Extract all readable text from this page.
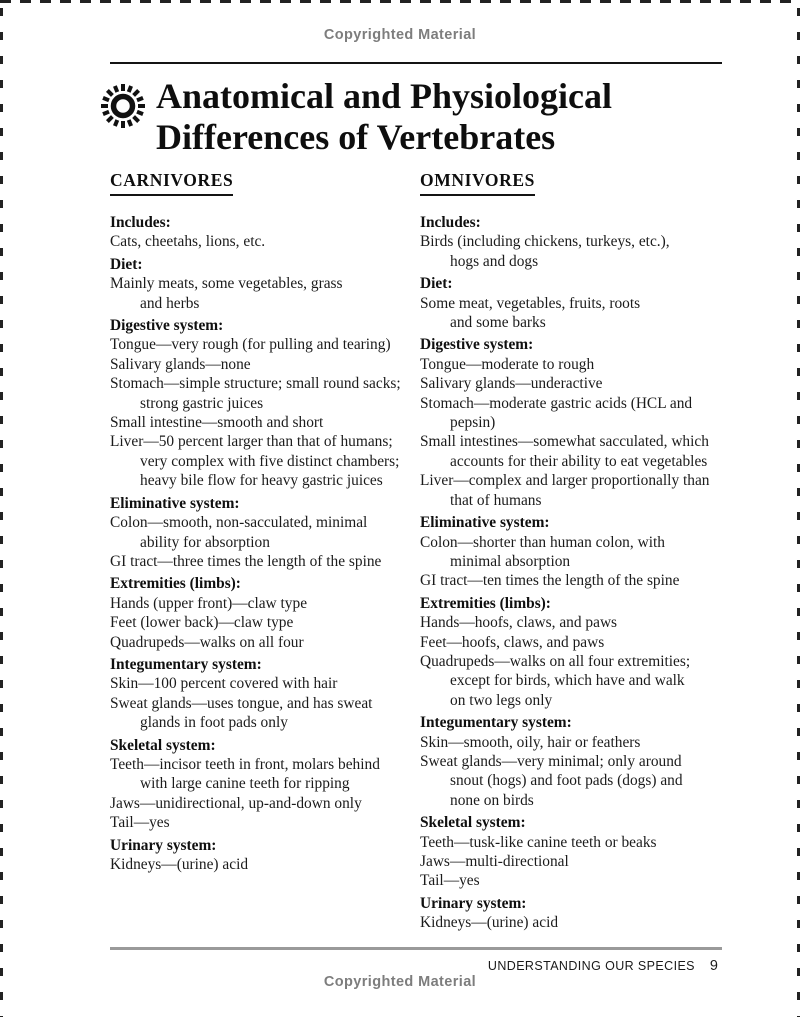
Copyrighted Material
Anatomical and Physiological
Differences of Vertebrates
CARNIVORES
Includes:
Cats, cheetahs, lions, etc.
Diet:
Mainly meats, some vegetables, grass
and herbs
Digestive system:
Tongue—very rough (for pulling and tearing)
Salivary glands—none
Stomach—simple structure; small round sacks;
strong gastric juices
Small intestine—smooth and short
Liver—50 percent larger than that of humans;
very complex with five distinct chambers;
heavy bile flow for heavy gastric juices
Eliminative system:
Colon—smooth, non-sacculated, minimal
ability for absorption
GI tract—three times the length of the spine
Extremities (limbs):
Hands (upper front)—claw type
Feet (lower back)—claw type
Quadrupeds—walks on all four
Integumentary system:
Skin—100 percent covered with hair
Sweat glands—uses tongue, and has sweat
glands in foot pads only
Skeletal system:
Teeth—incisor teeth in front, molars behind
with large canine teeth for ripping
Jaws—unidirectional, up-and-down only
Tail—yes
Urinary system:
Kidneys—(urine) acid
OMNIVORES
Includes:
Birds (including chickens, turkeys, etc.),
hogs and dogs
Diet:
Some meat, vegetables, fruits, roots
and some barks
Digestive system:
Tongue—moderate to rough
Salivary glands—underactive
Stomach—moderate gastric acids (HCL and
pepsin)
Small intestines—somewhat sacculated, which
accounts for their ability to eat vegetables
Liver—complex and larger proportionally than
that of humans
Eliminative system:
Colon—shorter than human colon, with
minimal absorption
GI tract—ten times the length of the spine
Extremities (limbs):
Hands—hoofs, claws, and paws
Feet—hoofs, claws, and paws
Quadrupeds—walks on all four extremities;
except for birds, which have and walk
on two legs only
Integumentary system:
Skin—smooth, oily, hair or feathers
Sweat glands—very minimal; only around
snout (hogs) and foot pads (dogs) and
none on birds
Skeletal system:
Teeth—tusk-like canine teeth or beaks
Jaws—multi-directional
Tail—yes
Urinary system:
Kidneys—(urine) acid
UNDERSTANDING OUR SPECIES 9
Copyrighted Material
